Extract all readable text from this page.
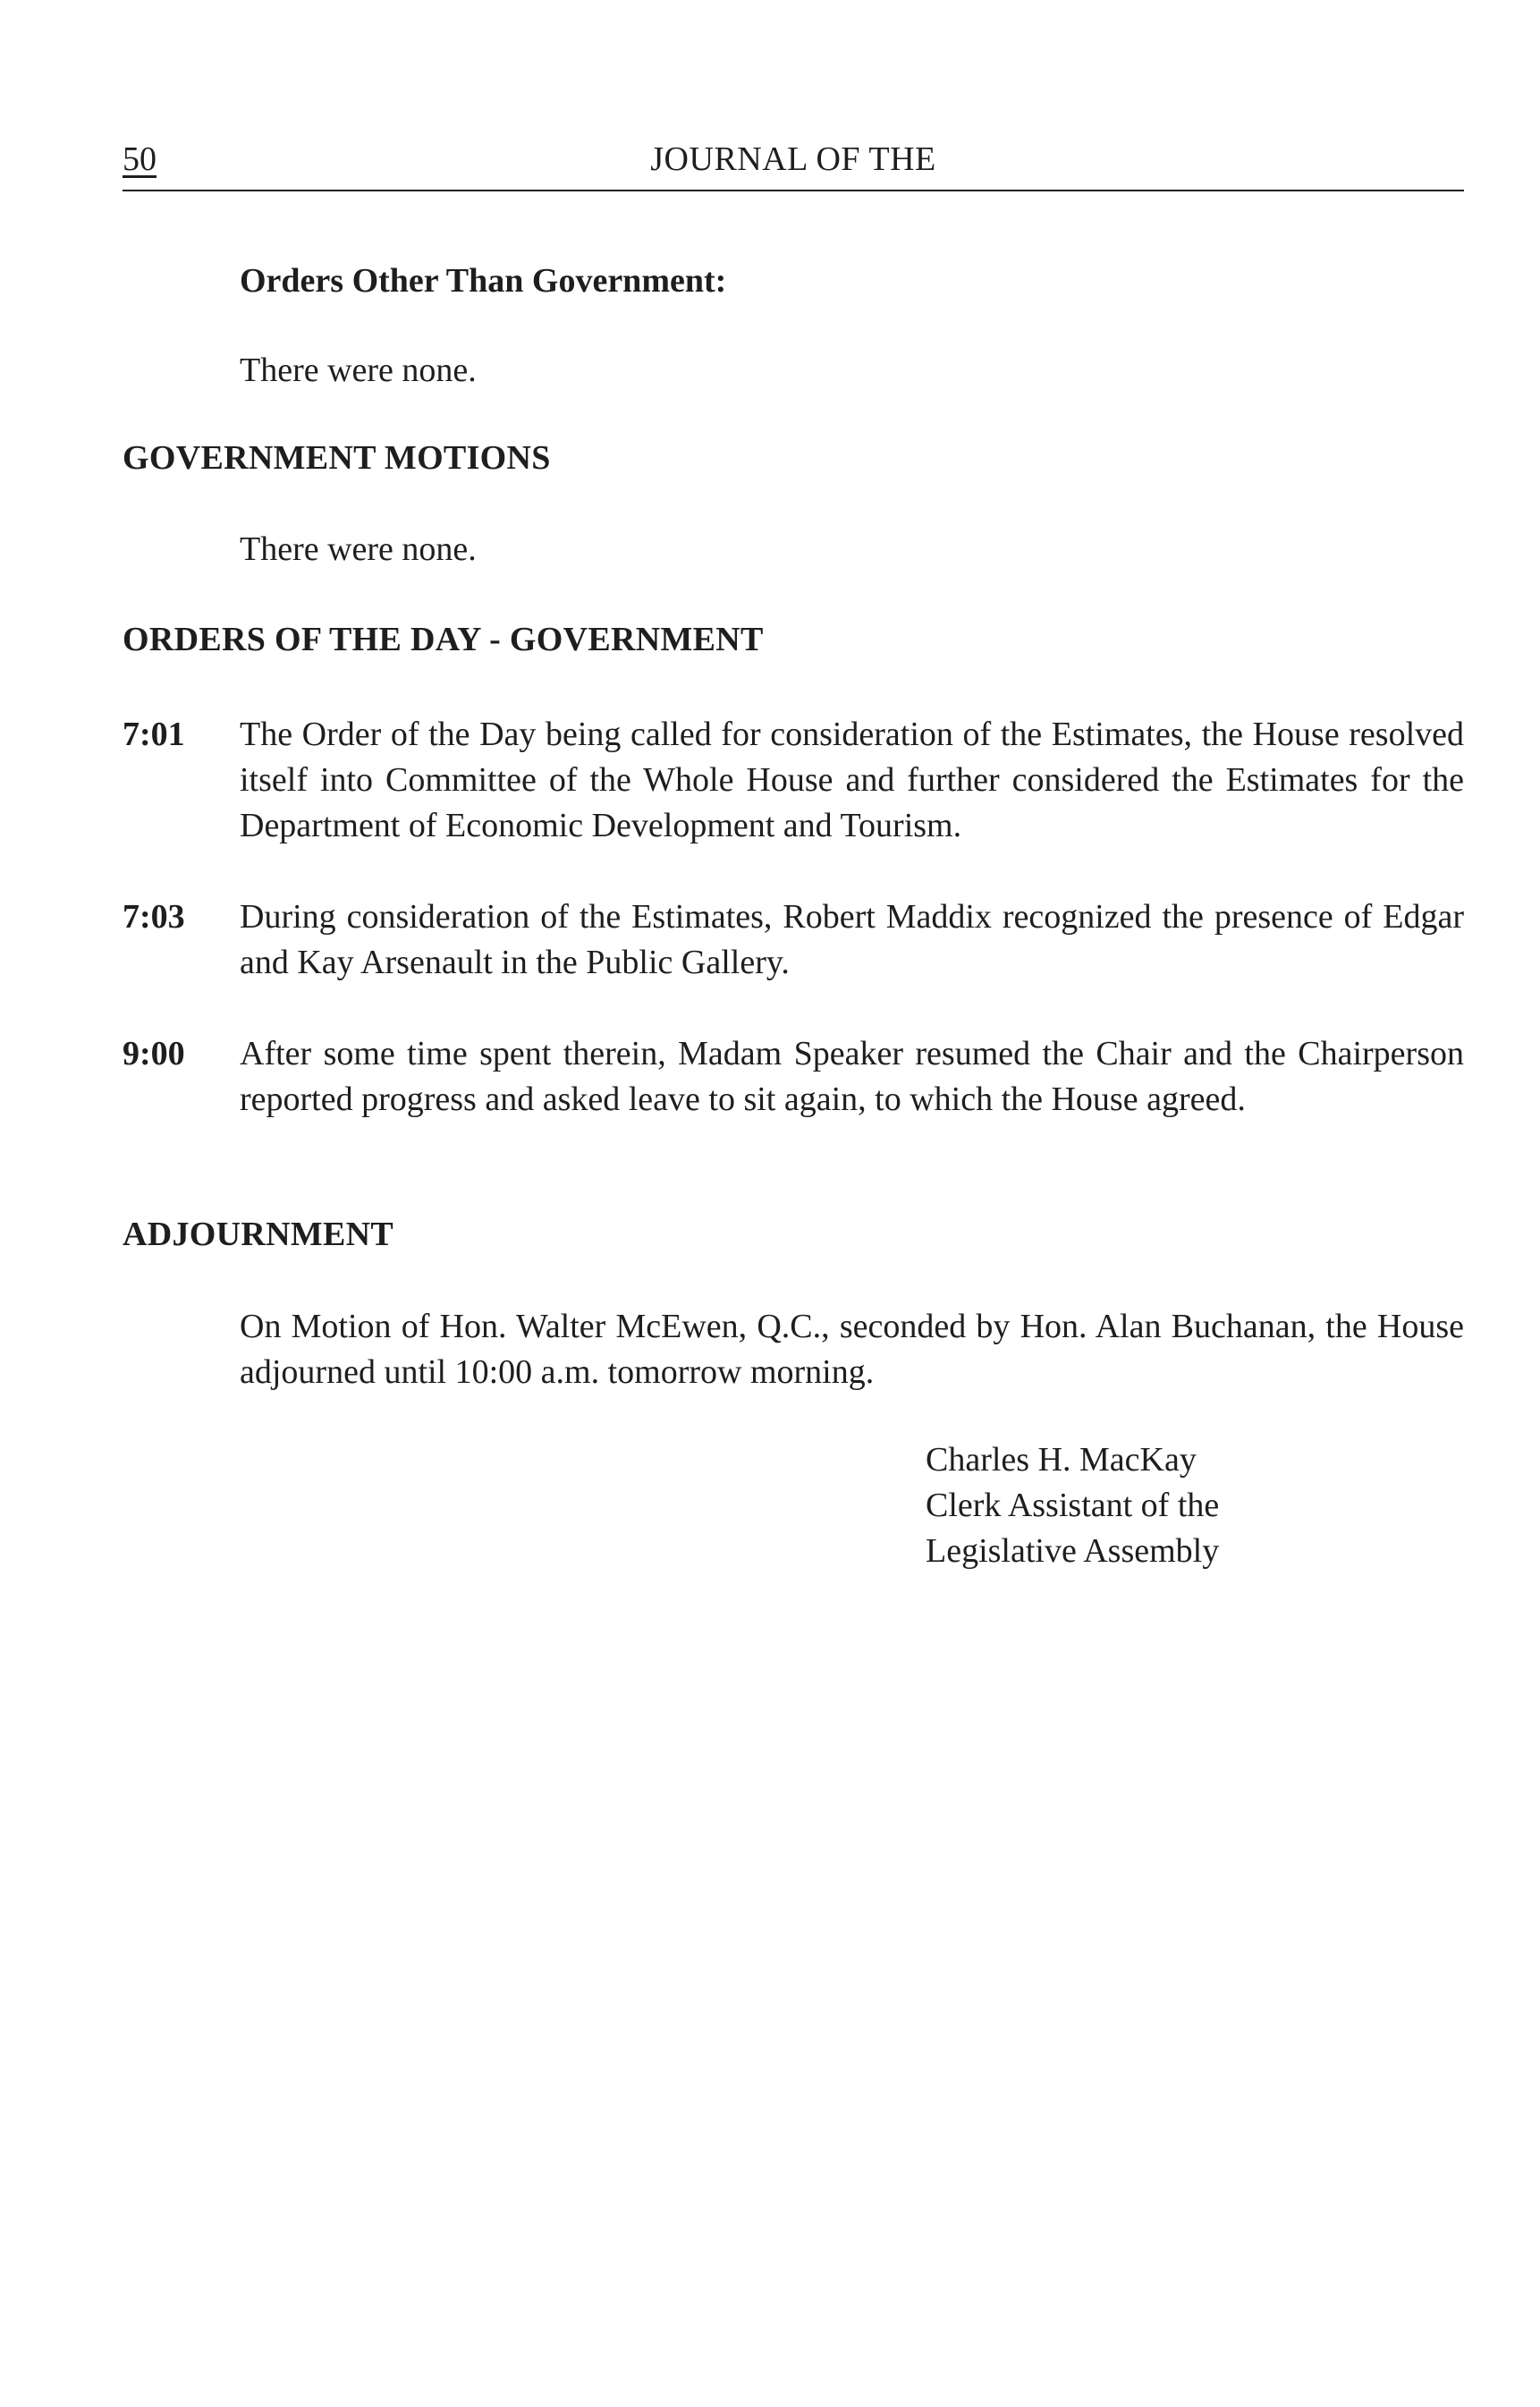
50	JOURNAL OF THE
Orders Other Than Government:
There were none.
GOVERNMENT MOTIONS
There were none.
ORDERS OF THE DAY - GOVERNMENT
7:01 The Order of the Day being called for consideration of the Estimates, the House resolved itself into Committee of the Whole House and further considered the Estimates for the Department of Economic Development and Tourism.
7:03 During consideration of the Estimates, Robert Maddix recognized the presence of Edgar and Kay Arsenault in the Public Gallery.
9:00 After some time spent therein, Madam Speaker resumed the Chair and the Chairperson reported progress and asked leave to sit again, to which the House agreed.
ADJOURNMENT
On Motion of Hon. Walter McEwen, Q.C., seconded by Hon. Alan Buchanan, the House adjourned until 10:00 a.m. tomorrow morning.
Charles H. MacKay
Clerk Assistant of the
Legislative Assembly
